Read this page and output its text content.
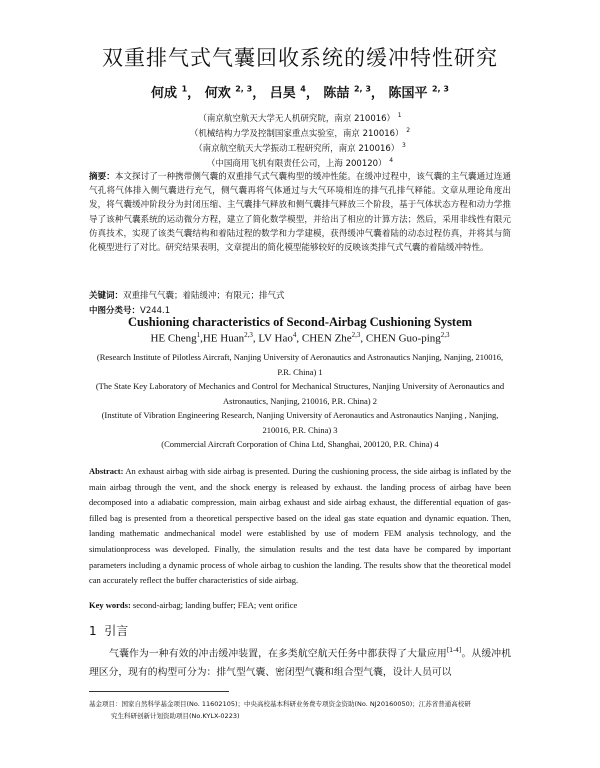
双重排气式气囊回收系统的缓冲特性研究
何成 $^1$， 何欢 $^{2, 3}$， 吕昊 $^4$， 陈喆 $^{2, 3}$， 陈国平 $^{2, 3}$
（南京航空航天大学无人机研究院，南京 210016） $^1$
（机械结构力学及控制国家重点实验室，南京 210016） $^2$
（南京航空航天大学振动工程研究所，南京 210016） $^3$
（中国商用飞机有限责任公司，上海 200120） $^4$
摘要：本文探讨了一种携带侧气囊的双重排气式气囊构型的缓冲性能。在缓冲过程中，该气囊的主气囊通过连通气孔将气体排入侧气囊进行充气，侧气囊再将气体通过与大气环境相连的排气孔排气释能。文章从理论角度出发，将气囊缓冲阶段分为封闭压缩、主气囊排气释放和侧气囊排气释放三个阶段，基于气体状态方程和动力学推导了该种气囊系统的运动微分方程，建立了简化数学模型，并给出了相应的计算方法；然后，采用非线性有限元仿真技术，实现了该类气囊结构和着陆过程的数学和力学建模，获得缓冲气囊着陆的动态过程仿真，并将其与简化模型进行了对比。研究结果表明，文章提出的简化模型能够较好的反映该类排气式气囊的着陆缓冲特性。
关键词：双重排气气囊；着陆缓冲；有限元；排气式
中图分类号：V244.1
Cushioning characteristics of Second-Airbag Cushioning System
HE Cheng$^1$,HE Huan$^{2,3}$, LV Hao$^4$, CHEN Zhe$^{2,3}$, CHEN Guo-ping$^{2,3}$
(Research Institute of Pilotless Aircraft, Nanjing University of Aeronautics and Astronautics Nanjing, Nanjing, 210016, P.R. China) 1
(The State Key Laboratory of Mechanics and Control for Mechanical Structures, Nanjing University of Aeronautics and Astronautics, Nanjing, 210016, P.R. China) 2
(Institute of Vibration Engineering Research, Nanjing University of Aeronautics and Astronautics Nanjing , Nanjing, 210016, P.R. China) 3
(Commercial Aircraft Corporation of China Ltd, Shanghai, 200120, P.R. China) 4
Abstract: An exhaust airbag with side airbag is presented. During the cushioning process, the side airbag is inflated by the main airbag through the vent, and the shock energy is released by exhaust. the landing process of airbag have been decomposed into a adiabatic compression, main airbag exhaust and side airbag exhaust, the differential equation of gas-filled bag is presented from a theoretical perspective based on the ideal gas state equation and dynamic equation. Then, landing mathematic andmechanical model were established by use of modern FEM analysis technology, and the simulationprocess was developed. Finally, the simulation results and the test data have be compared by important parameters including a dynamic process of whole airbag to cushion the landing. The results show that the theoretical model can accurately reflect the buffer characteristics of side airbag.
Key words: second-airbag; landing buffer; FEA; vent orifice
1 引言
气囊作为一种有效的冲击缓冲装置，在多类航空航天任务中都获得了大量应用[1-4]。从缓冲机理区分，现有的构型可分为：排气型气囊、密闭型气囊和组合型气囊，设计人员可以
基金项目：国家自然科学基金项目(No. 11602105)；中央高校基本科研业务费专项资金资助(No. NJ20160050)；江苏省普通高校研
究生科研创新计划资助项目(No.KYLX-0223)
